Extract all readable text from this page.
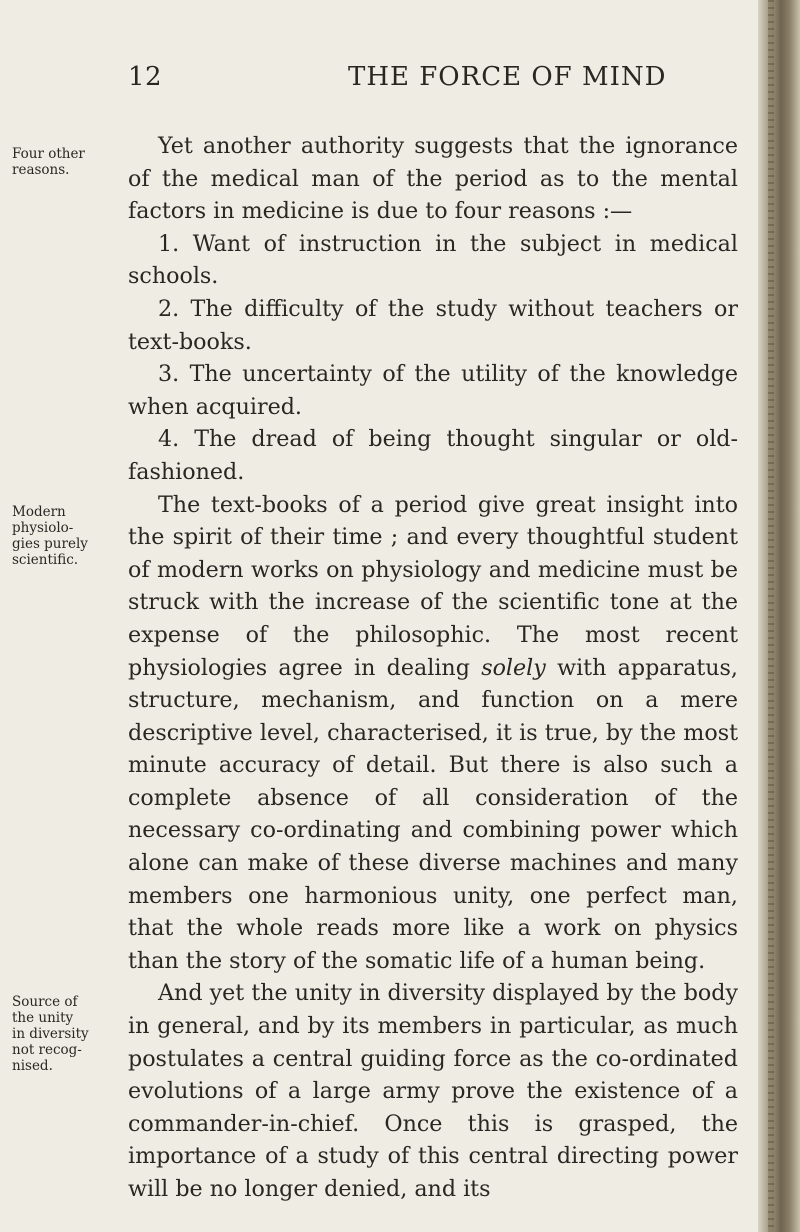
12	THE FORCE OF MIND
Four other
reasons.
Modern
physiolo-
gies purely
scientific.
Source of
the unity
in diversity
not recog-
nised.

Yet another authority suggests that the ignorance of the medical man of the period as to the mental factors in medicine is due to four reasons :—

1. Want of instruction in the subject in medical schools.

2. The difficulty of the study without teachers or text-books.

3. The uncertainty of the utility of the knowledge when acquired.

4. The dread of being thought singular or old-fashioned.

The text-books of a period give great insight into the spirit of their time ; and every thoughtful student of modern works on physiology and medicine must be struck with the increase of the scientific tone at the expense of the philosophic. The most recent physiologies agree in dealing solely with apparatus, structure, mechanism, and function on a mere descriptive level, characterised, it is true, by the most minute accuracy of detail. But there is also such a complete absence of all consideration of the necessary co-ordinating and combining power which alone can make of these diverse machines and many members one harmonious unity, one perfect man, that the whole reads more like a work on physics than the story of the somatic life of a human being.

And yet the unity in diversity displayed by the body in general, and by its members in particular, as much postulates a central guiding force as the co-ordinated evolutions of a large army prove the existence of a commander-in-chief. Once this is grasped, the importance of a study of this central directing power will be no longer denied, and its
